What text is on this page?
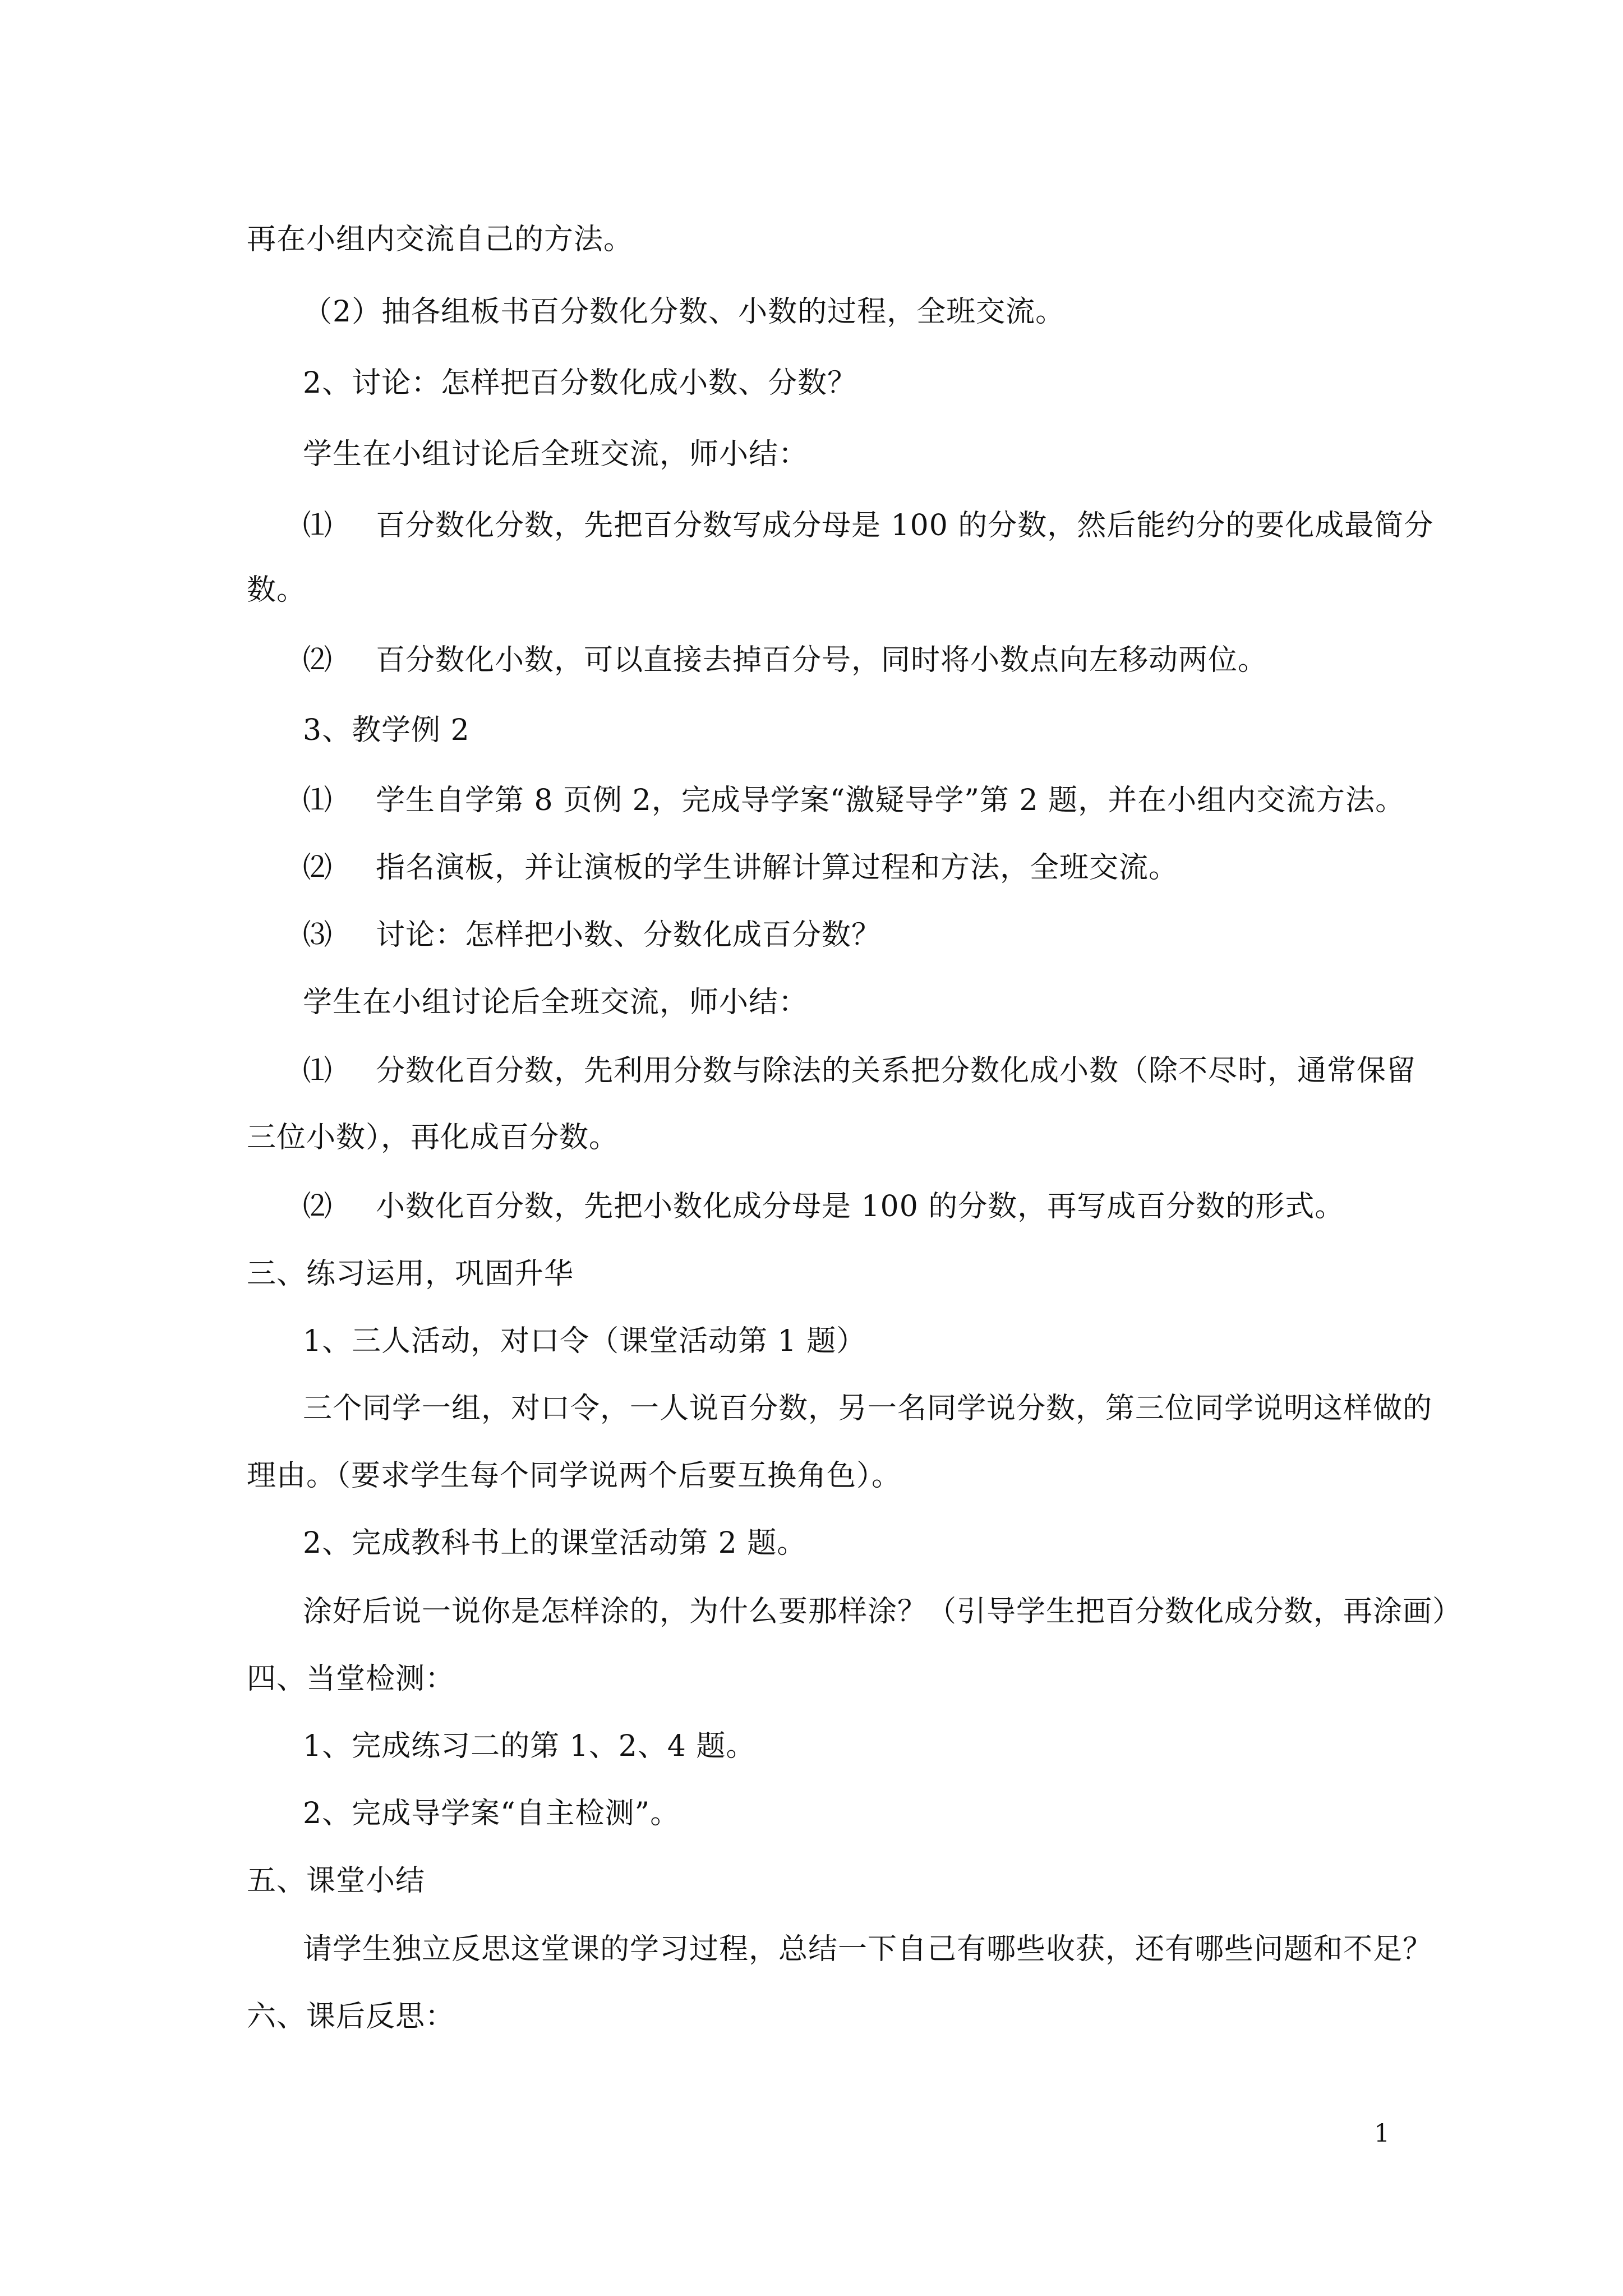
再在小组内交流自己的方法。
（2）抽各组板书百分数化分数、小数的过程，全班交流。
2、讨论：怎样把百分数化成小数、分数？
学生在小组讨论后全班交流，师小结：
⑴ 百分数化分数，先把百分数写成分母是 100 的分数，然后能约分的要化成最简分
数。
⑵ 百分数化小数，可以直接去掉百分号，同时将小数点向左移动两位。
3、教学例 2
⑴ 学生自学第 8 页例 2，完成导学案“激疑导学”第 2 题，并在小组内交流方法。
⑵ 指名演板，并让演板的学生讲解计算过程和方法，全班交流。
⑶ 讨论：怎样把小数、分数化成百分数？
学生在小组讨论后全班交流，师小结：
⑴ 分数化百分数，先利用分数与除法的关系把分数化成小数（除不尽时，通常保留
三位小数），再化成百分数。
⑵ 小数化百分数，先把小数化成分母是 100 的分数，再写成百分数的形式。
三、练习运用，巩固升华
1、三人活动，对口令（课堂活动第 1 题）
三个同学一组，对口令，一人说百分数，另一名同学说分数，第三位同学说明这样做的
理由。（要求学生每个同学说两个后要互换角色）。
2、完成教科书上的课堂活动第 2 题。
涂好后说一说你是怎样涂的，为什么要那样涂？（引导学生把百分数化成分数，再涂画）
四、当堂检测：
1、完成练习二的第 1、2、4 题。
2、完成导学案“自主检测”。
五、课堂小结
请学生独立反思这堂课的学习过程，总结一下自己有哪些收获，还有哪些问题和不足？
六、课后反思：
1
